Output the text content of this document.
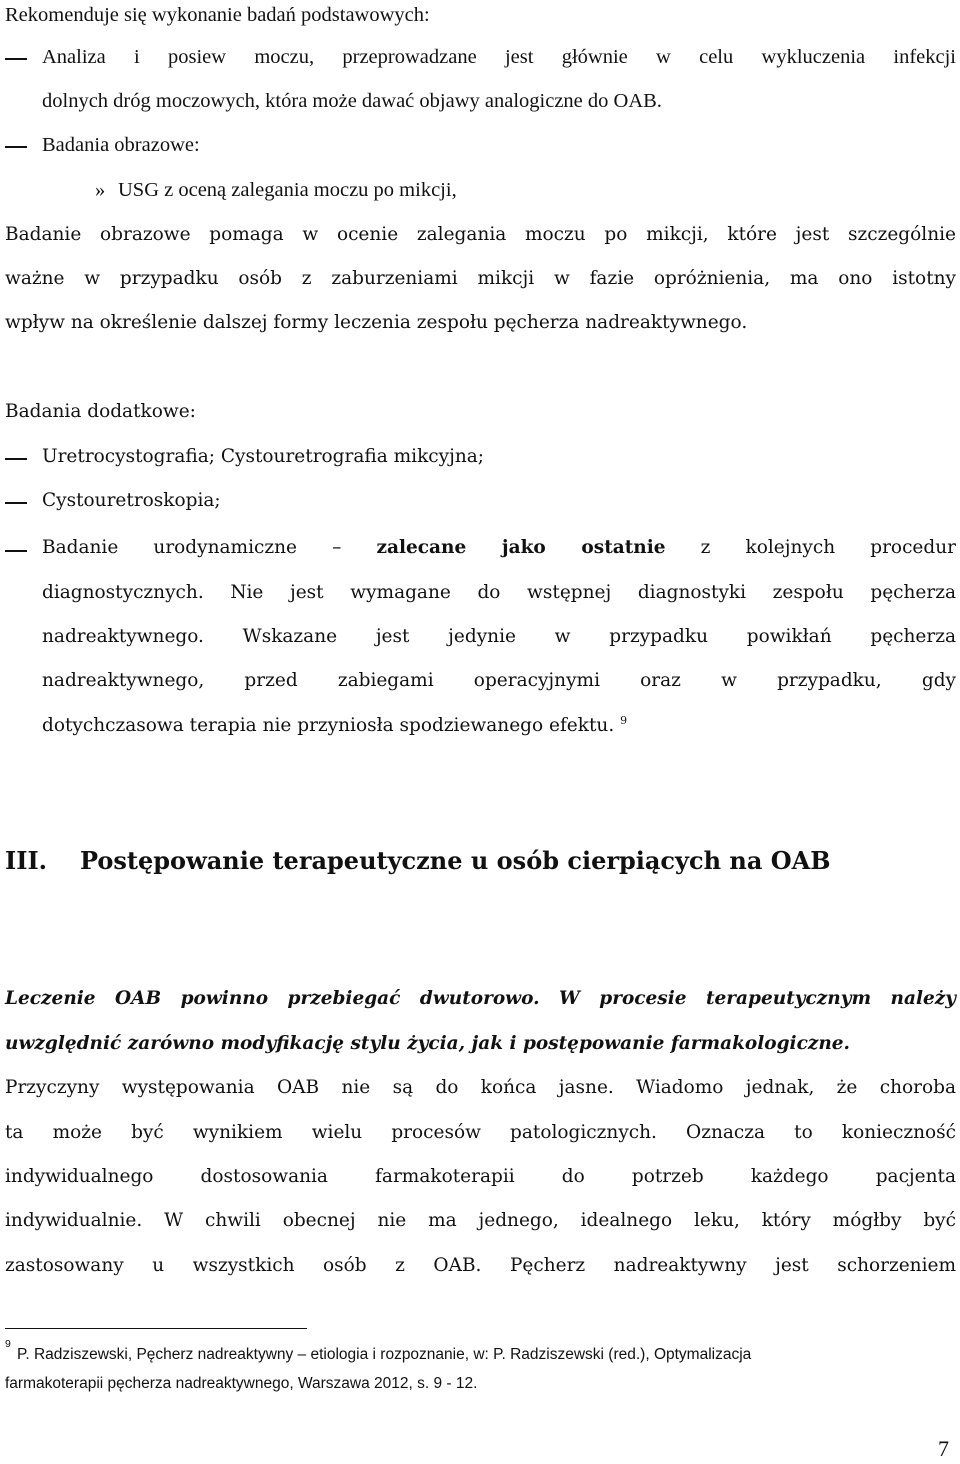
Rekomenduje się wykonanie badań podstawowych:

Analiza i posiew moczu, przeprowadzane jest głównie w celu wykluczenia infekcji

dolnych dróg moczowych, która może dawać objawy analogiczne do OAB.

Badania obrazowe:

» USG z oceną zalegania moczu po mikcji,

Badanie obrazowe pomaga w ocenie zalegania moczu po mikcji, które jest szczególnie

ważne w przypadku osób z zaburzeniami mikcji w fazie opróżnienia, ma ono istotny

wpływ na określenie dalszej formy leczenia zespołu pęcherza nadreaktywnego.

Badania dodatkowe:

Uretrocystografia; Cystouretrografia mikcyjna;

Cystouretroskopia;

Badanie urodynamiczne – zalecane jako ostatnie z kolejnych procedur

diagnostycznych. Nie jest wymagane do wstępnej diagnostyki zespołu pęcherza

nadreaktywnego. Wskazane jest jedynie w przypadku powikłań pęcherza

nadreaktywnego, przed zabiegami operacyjnymi oraz w przypadku, gdy

dotychczasowa terapia nie przyniosła spodziewanego efektu. $^9$

III. Postępowanie terapeutyczne u osób cierpiących na OAB

Leczenie OAB powinno przebiegać dwutorowo. W procesie terapeutycznym należy

uwzględnić zarówno modyfikację stylu życia, jak i postępowanie farmakologiczne.

Przyczyny występowania OAB nie są do końca jasne. Wiadomo jednak, że choroba

ta może być wynikiem wielu procesów patologicznych. Oznacza to konieczność

indywidualnego dostosowania farmakoterapii do potrzeb każdego pacjenta

indywidualnie. W chwili obecnej nie ma jednego, idealnego leku, który mógłby być

zastosowany u wszystkich osób z OAB. Pęcherz nadreaktywny jest schorzeniem

9

P. Radziszewski, Pęcherz nadreaktywny – etiologia i rozpoznanie, w: P. Radziszewski (red.), Optymalizacja

farmakoterapii pęcherza nadreaktywnego, Warszawa 2012, s. 9 - 12.

7
